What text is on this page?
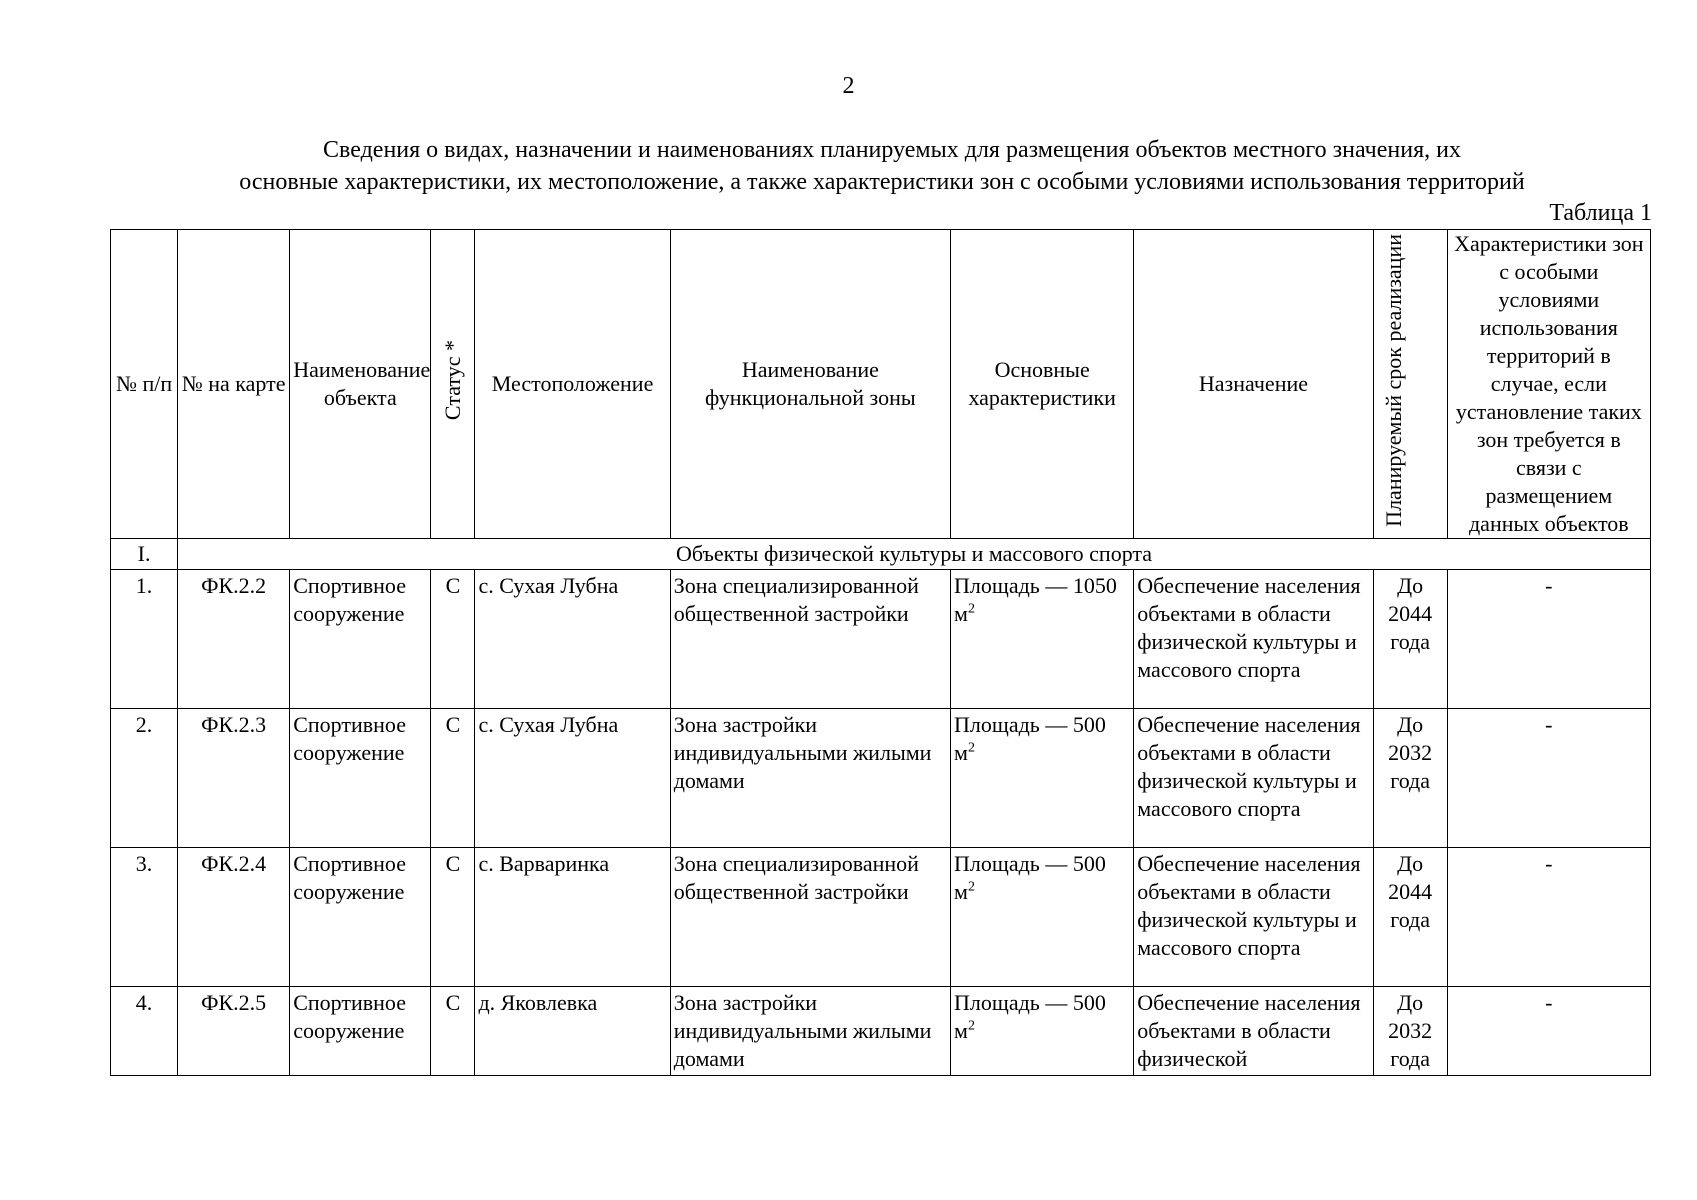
2
Сведения о видах, назначении и наименованиях планируемых для размещения объектов местного значения, их
основные характеристики, их местоположение, а также характеристики зон с особыми условиями использования территорий
Таблица 1
№ п/п	№ на карте	Наименование объекта	Статус *	Местоположение	Наименование функциональной зоны	Основные характеристики	Назначение	Планируемый срок реализации	Характеристики зон с особыми условиями использования территорий в случае, если установление таких зон требуется в связи с размещением данных объектов
I.	Объекты физической культуры и массового спорта								
1.	ФК.2.2	Спортивное сооружение	С	с. Сухая Лубна	Зона специализированной общественной застройки	Площадь — 1050 $м^2$	Обеспечение населения объектами в области физической культуры и массового спорта	До 2044 года	-
2.	ФК.2.3	Спортивное сооружение	С	с. Сухая Лубна	Зона застройки индивидуальными жилыми домами	Площадь — 500 $м^2$	Обеспечение населения объектами в области физической культуры и массового спорта	До 2032 года	-
3.	ФК.2.4	Спортивное сооружение	С	с. Варваринка	Зона специализированной общественной застройки	Площадь — 500 $м^2$	Обеспечение населения объектами в области физической культуры и массового спорта	До 2044 года	-
4.	ФК.2.5	Спортивное сооружение	С	д. Яковлевка	Зона застройки индивидуальными жилыми домами	Площадь — 500 $м^2$	Обеспечение населения объектами в области физической	До 2032 года	-
